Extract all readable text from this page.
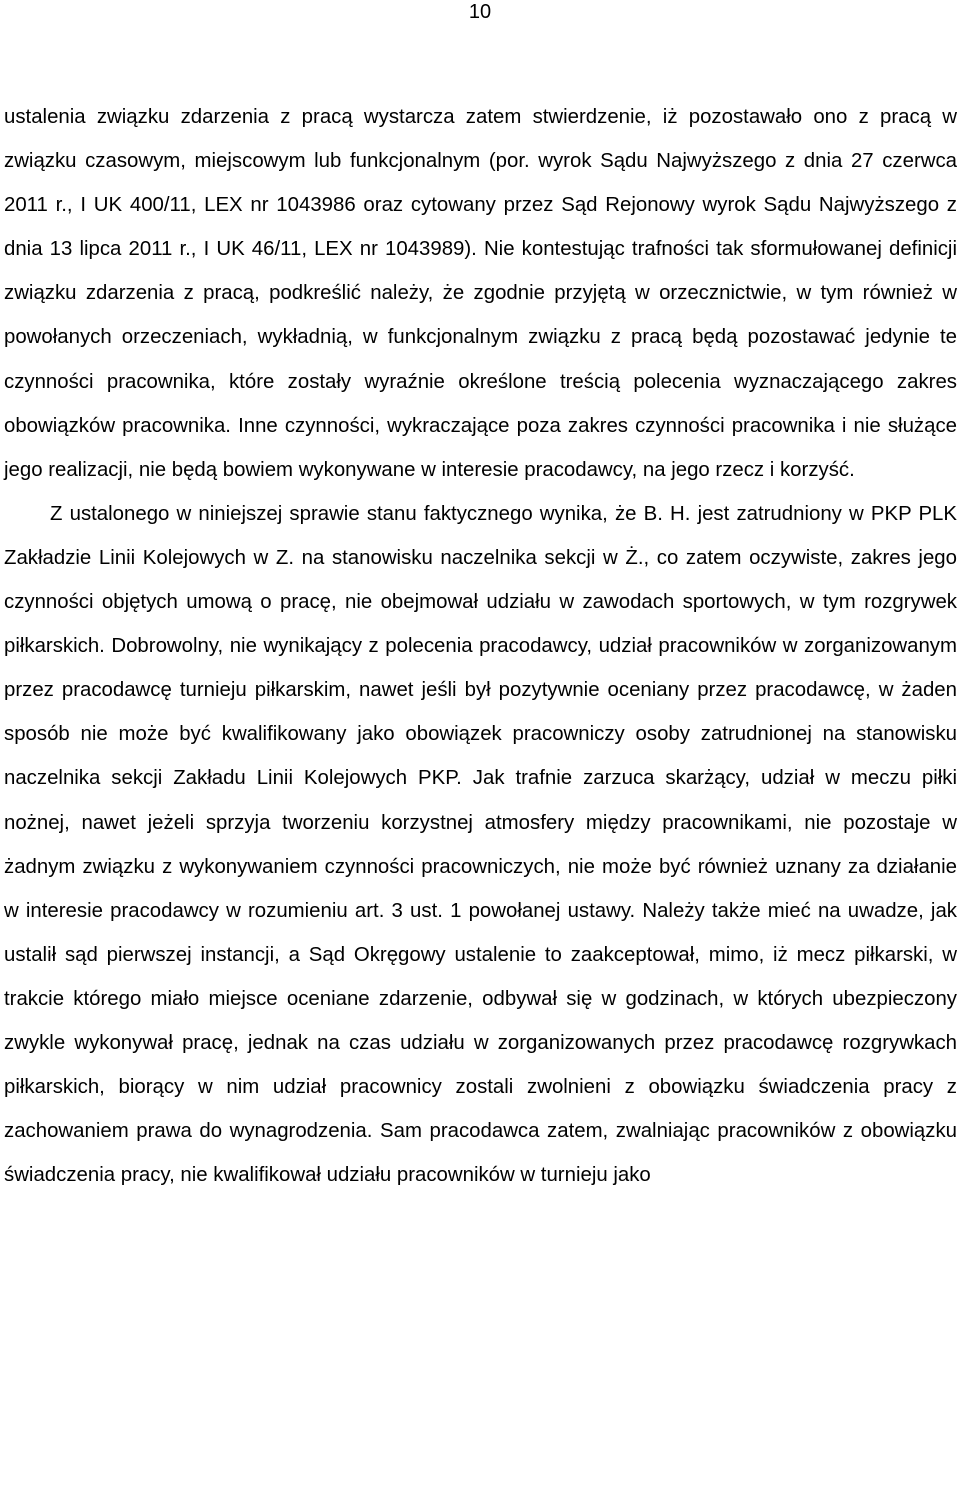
10

ustalenia związku zdarzenia z pracą wystarcza zatem stwierdzenie, iż pozostawało ono z pracą w związku czasowym, miejscowym lub funkcjonalnym (por. wyrok Sądu Najwyższego z dnia 27 czerwca 2011 r., I UK 400/11, LEX nr 1043986 oraz cytowany przez Sąd Rejonowy wyrok Sądu Najwyższego z dnia 13 lipca 2011 r., I UK 46/11, LEX nr 1043989). Nie kontestując trafności tak sformułowanej definicji związku zdarzenia z pracą, podkreślić należy, że zgodnie przyjętą w orzecznictwie, w tym również w powołanych orzeczeniach, wykładnią, w funkcjonalnym związku z pracą będą pozostawać jedynie te czynności pracownika, które zostały wyraźnie określone treścią polecenia wyznaczającego zakres obowiązków pracownika. Inne czynności, wykraczające poza zakres czynności pracownika i nie służące jego realizacji, nie będą bowiem wykonywane w interesie pracodawcy, na jego rzecz i korzyść.

Z ustalonego w niniejszej sprawie stanu faktycznego wynika, że B. H. jest zatrudniony w PKP PLK Zakładzie Linii Kolejowych w Z. na stanowisku naczelnika sekcji w Ż., co zatem oczywiste, zakres jego czynności objętych umową o pracę, nie obejmował udziału w zawodach sportowych, w tym rozgrywek piłkarskich. Dobrowolny, nie wynikający z polecenia pracodawcy, udział pracowników w zorganizowanym przez pracodawcę turnieju piłkarskim, nawet jeśli był pozytywnie oceniany przez pracodawcę, w żaden sposób nie może być kwalifikowany jako obowiązek pracowniczy osoby zatrudnionej na stanowisku naczelnika sekcji Zakładu Linii Kolejowych PKP. Jak trafnie zarzuca skarżący, udział w meczu piłki nożnej, nawet jeżeli sprzyja tworzeniu korzystnej atmosfery między pracownikami, nie pozostaje w żadnym związku z wykonywaniem czynności pracowniczych, nie może być również uznany za działanie w interesie pracodawcy w rozumieniu art. 3 ust. 1 powołanej ustawy. Należy także mieć na uwadze, jak ustalił sąd pierwszej instancji, a Sąd Okręgowy ustalenie to zaakceptował, mimo, iż mecz piłkarski, w trakcie którego miało miejsce oceniane zdarzenie, odbywał się w godzinach, w których ubezpieczony zwykle wykonywał pracę, jednak na czas udziału w zorganizowanych przez pracodawcę rozgrywkach piłkarskich, biorący w nim udział pracownicy zostali zwolnieni z obowiązku świadczenia pracy z zachowaniem prawa do wynagrodzenia. Sam pracodawca zatem, zwalniając pracowników z obowiązku świadczenia pracy, nie kwalifikował udziału pracowników w turnieju jako
